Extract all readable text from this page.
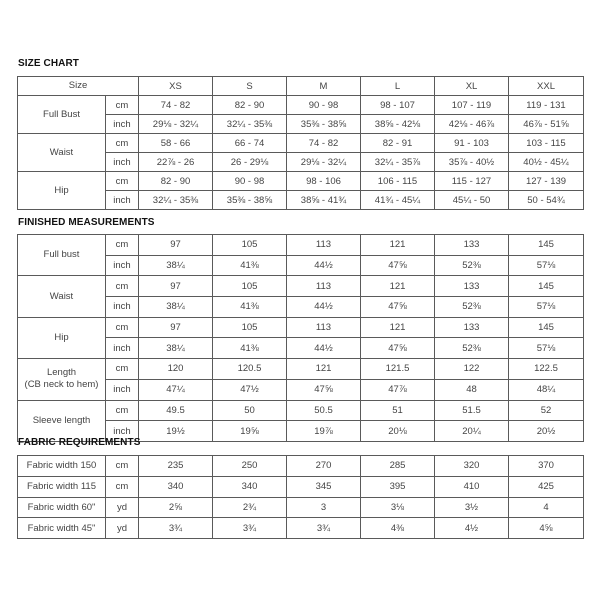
SIZE CHART
Size		XS	S	M	L	XL	XXL
Full Bust	cm	74 - 82	82 - 90	90 - 98	98 - 107	107 - 119	119 - 131
	inch	29⅛ - 32¼	32¼ - 35⅜	35⅜ - 38⅝	38⅝ - 42⅛	42⅛ - 46⅞	46⅞ - 51⅝
Waist	cm	58 - 66	66 - 74	74 - 82	82 - 91	91 - 103	103 - 115
	inch	22⅞ - 26	26 - 29⅛	29⅛ - 32¼	32¼ - 35⅞	35⅞ - 40½	40½ - 45¼
Hip	cm	82 - 90	90 - 98	98 - 106	106 - 115	115 - 127	127 - 139
	inch	32¼ - 35⅜	35⅜ - 38⅝	38⅝ - 41¾	41¾ - 45¼	45¼ - 50	50 - 54¾
FINISHED MEASUREMENTS
Full bust	cm	97	105	113	121	133	145
	inch	38¼	41⅜	44½	47⅝	52⅜	57⅛
Waist	cm	97	105	113	121	133	145
	inch	38¼	41⅜	44½	47⅝	52⅜	57⅛
Hip	cm	97	105	113	121	133	145
	inch	38¼	41⅜	44½	47⅝	52⅜	57⅛
Length
(CB neck to hem)	cm	120	120.5	121	121.5	122	122.5
	inch	47¼	47½	47⅝	47⅞	48	48¼
Sleeve length	cm	49.5	50	50.5	51	51.5	52
	inch	19½	19⅝	19⅞	20⅛	20¼	20½
FABRIC REQUIREMENTS
Fabric width 150	cm	235	250	270	285	320	370
Fabric width 115	cm	340	340	345	395	410	425
Fabric width 60"	yd	2⅝	2¾	3	3⅛	3½	4
Fabric width 45"	yd	3¾	3¾	3¾	4⅜	4½	4⅝
